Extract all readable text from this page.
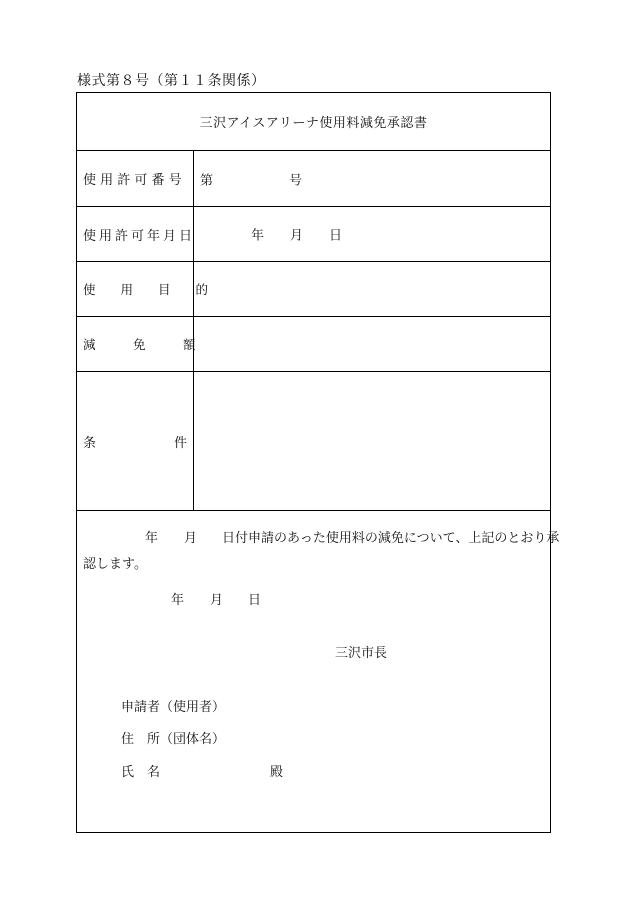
様式第８号（第１１条関係）
三沢アイスアリーナ使用料減免承認書
使 用 許 可 番 号 第	号
使用許可年月日	年 月 日
使　　用　　目　　的
減　　　免　　　額
条	件
年 月 日付申請のあった使用料の減免について、上記のとおり承
認します。
年 月 日
三沢市長
申請者（使用者）
住　所（団体名）
氏　名	殿
